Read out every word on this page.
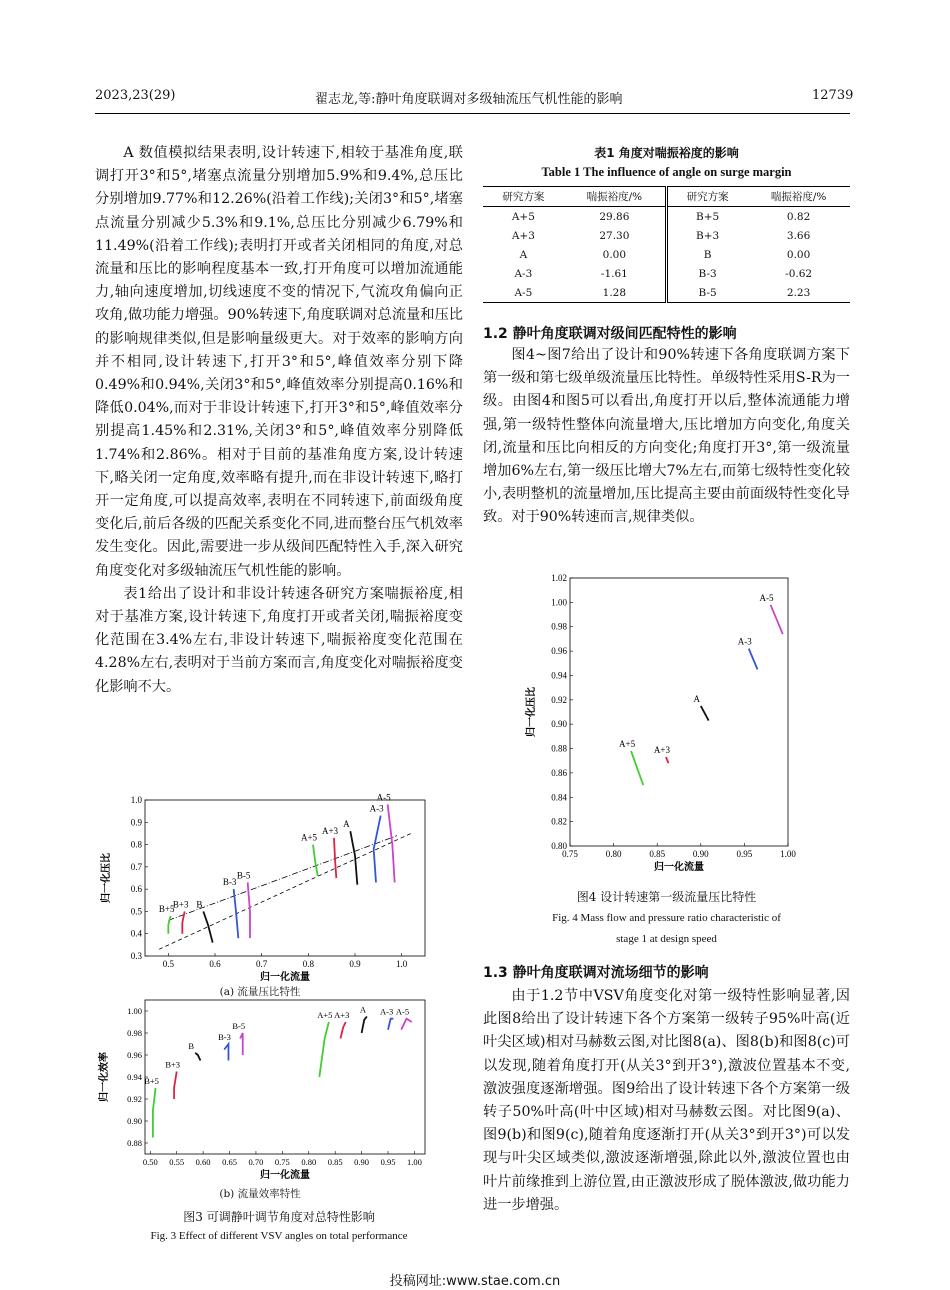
2023,23(29)	翟志龙,等:静叶角度联调对多级轴流压气机性能的影响	12739

A 数值模拟结果表明,设计转速下,相较于基准角度,联调打开3°和5°,堵塞点流量分别增加5.9%和9.4%,总压比分别增加9.77%和12.26%(沿着工作线);关闭3°和5°,堵塞点流量分别减少5.3%和9.1%,总压比分别减少6.79%和11.49%(沿着工作线);表明打开或者关闭相同的角度,对总流量和压比的影响程度基本一致,打开角度可以增加流通能力,轴向速度增加,切线速度不变的情况下,气流攻角偏向正攻角,做功能力增强。90%转速下,角度联调对总流量和压比的影响规律类似,但是影响量级更大。对于效率的影响方向并不相同,设计转速下,打开3°和5°,峰值效率分别下降0.49%和0.94%,关闭3°和5°,峰值效率分别提高0.16%和降低0.04%,而对于非设计转速下,打开3°和5°,峰值效率分别提高1.45%和2.31%,关闭3°和5°,峰值效率分别降低1.74%和2.86%。相对于目前的基准角度方案,设计转速下,略关闭一定角度,效率略有提升,而在非设计转速下,略打开一定角度,可以提高效率,表明在不同转速下,前面级角度变化后,前后各级的匹配关系变化不同,进而整台压气机效率发生变化。因此,需要进一步从级间匹配特性入手,深入研究角度变化对多级轴流压气机性能的影响。

表1给出了设计和非设计转速各研究方案喘振裕度,相对于基准方案,设计转速下,角度打开或者关闭,喘振裕度变化范围在3.4%左右,非设计转速下,喘振裕度变化范围在4.28%左右,表明对于当前方案而言,角度变化对喘振裕度变化影响不大。

0.5	0.6	0.7	0.8	0.9	1.0
0.3
0.4
0.5
0.6
0.7
0.8
0.9
1.0
归一化流量
归一化压比
B+5
B+3 B
B-3
B-5
A+5
A+3
A
A-3
A-5
0.50 0.55 0.60 0.65 0.70 0.75 0.80 0.85 0.90 0.95 1.00
0.88
0.90
0.92
0.94
0.96
0.98
1.00
归一化流量
归一化效率	B+5
B+3
B
B-3
B-5
A+5 A+3
A A-3 A-5
(a) 流量压比特性
(b) 流量效率特性
图3 可调静叶调节角度对总特性影响
Fig. 3 Effect of different VSV angles on total performance
表1 角度对喘振裕度的影响
Table 1 The influence of angle on surge margin
研究方案	喘振裕度/%	研究方案	喘振裕度/%
A+5	29.86	B+5	0.82
A+3	27.30	B+3	3.66
A	0.00	B	0.00
A-3	-1.61	B-3	-0.62
A-5	1.28	B-5	2.23
1.2 静叶角度联调对级间匹配特性的影响

图4~图7给出了设计和90%转速下各角度联调方案下第一级和第七级单级流量压比特性。单级特性采用S-R为一级。由图4和图5可以看出,角度打开以后,整体流通能力增强,第一级特性整体向流量增大,压比增加方向变化,角度关闭,流量和压比向相反的方向变化;角度打开3°,第一级流量增加6%左右,第一级压比增大7%左右,而第七级特性变化较小,表明整机的流量增加,压比提高主要由前面级特性变化导致。对于90%转速而言,规律类似。

0.75	0.80	0.85	0.90	0.95	1.00
0.80
0.82
0.84
0.86
0.88
0.90
0.92
0.94
0.96
0.98
1.00
1.02
归一化流量
归一化压比
A+5
A+3
A
A-3
A-5
图4 设计转速第一级流量压比特性
Fig. 4 Mass flow and pressure ratio characteristic of
stage 1 at design speed
1.3 静叶角度联调对流场细节的影响

由于1.2节中VSV角度变化对第一级特性影响显著,因此图8给出了设计转速下各个方案第一级转子95%叶高(近叶尖区域)相对马赫数云图,对比图8(a)、图8(b)和图8(c)可以发现,随着角度打开(从关3°到开3°),激波位置基本不变,激波强度逐渐增强。图9给出了设计转速下各个方案第一级转子50%叶高(叶中区域)相对马赫数云图。对比图9(a)、图9(b)和图9(c),随着角度逐渐打开(从关3°到开3°)可以发现与叶尖区域类似,激波逐渐增强,除此以外,激波位置也由叶片前缘推到上游位置,由正激波形成了脱体激波,做功能力进一步增强。

投稿网址:www.stae.com.cn
